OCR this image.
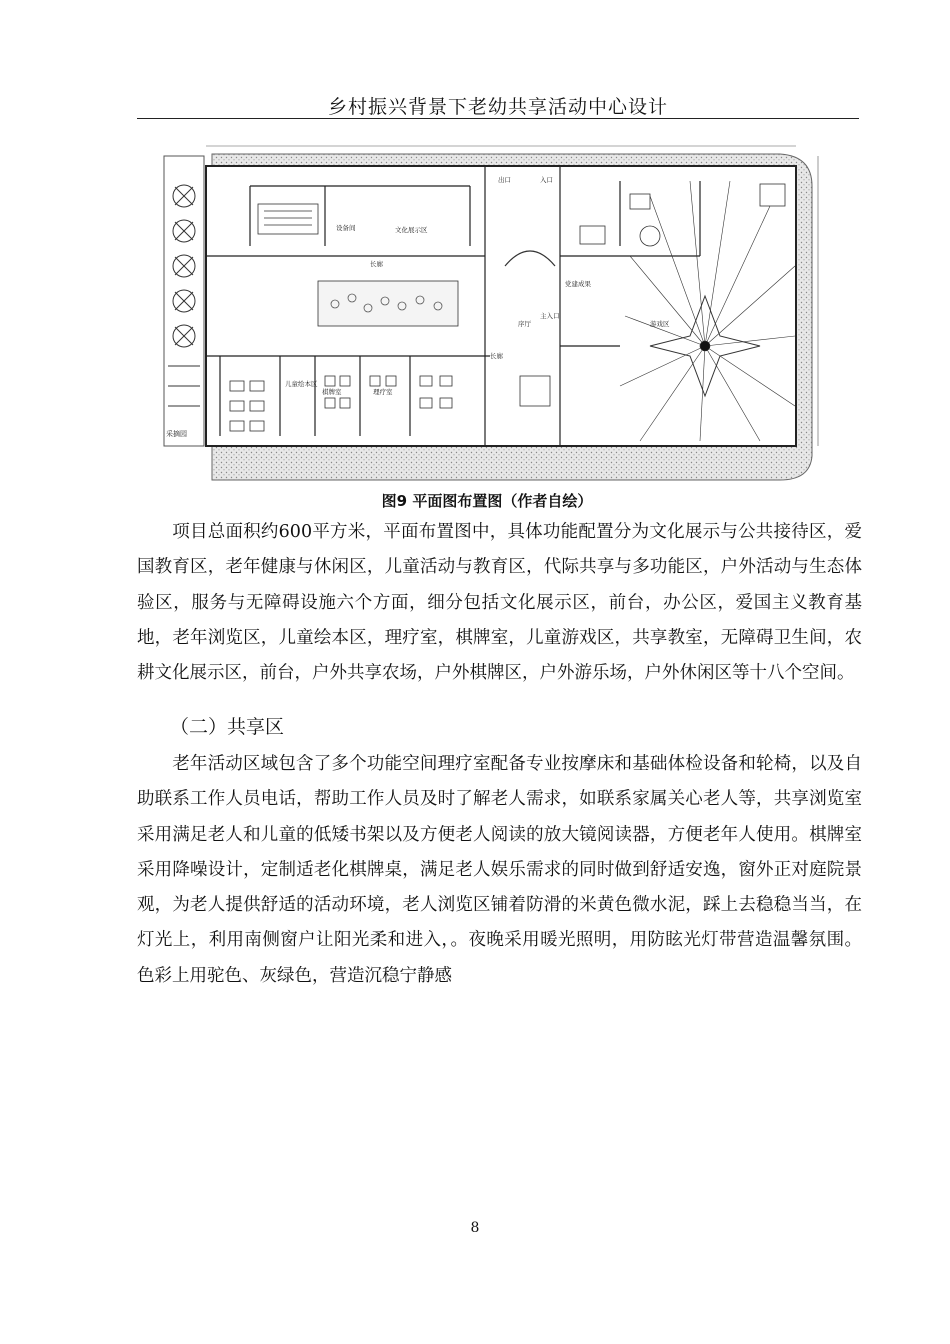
乡村振兴背景下老幼共享活动中心设计
采摘园
出口	入口
设备间	文化展示区
长廊
长廊
序厅
主入口
儿童绘本区
棋牌室	理疗室
党建成果
游戏区
图9 平面图布置图（作者自绘）

项目总面积约600平方米，平面布置图中，具体功能配置分为文化展示与公共接待区，爱国教育区，老年健康与休闲区，儿童活动与教育区，代际共享与多功能区，户外活动与生态体验区，服务与无障碍设施六个方面，细分包括文化展示区，前台，办公区，爱国主义教育基地，老年浏览区，儿童绘本区，理疗室，棋牌室，儿童游戏区，共享教室，无障碍卫生间，农耕文化展示区，前台，户外共享农场，户外棋牌区，户外游乐场，户外休闲区等十八个空间。

（二）共享区

老年活动区域包含了多个功能空间理疗室配备专业按摩床和基础体检设备和轮椅，以及自助联系工作人员电话，帮助工作人员及时了解老人需求，如联系家属关心老人等，共享浏览室采用满足老人和儿童的低矮书架以及方便老人阅读的放大镜阅读器，方便老年人使用。棋牌室采用降噪设计，定制适老化棋牌桌，满足老人娱乐需求的同时做到舒适安逸，窗外正对庭院景观，为老人提供舒适的活动环境，老人浏览区铺着防滑的米黄色微水泥，踩上去稳稳当当，在灯光上，利用南侧窗户让阳光柔和进入，。夜晚采用暖光照明，用防眩光灯带营造温馨氛围。色彩上用驼色、灰绿色，营造沉稳宁静感

8
